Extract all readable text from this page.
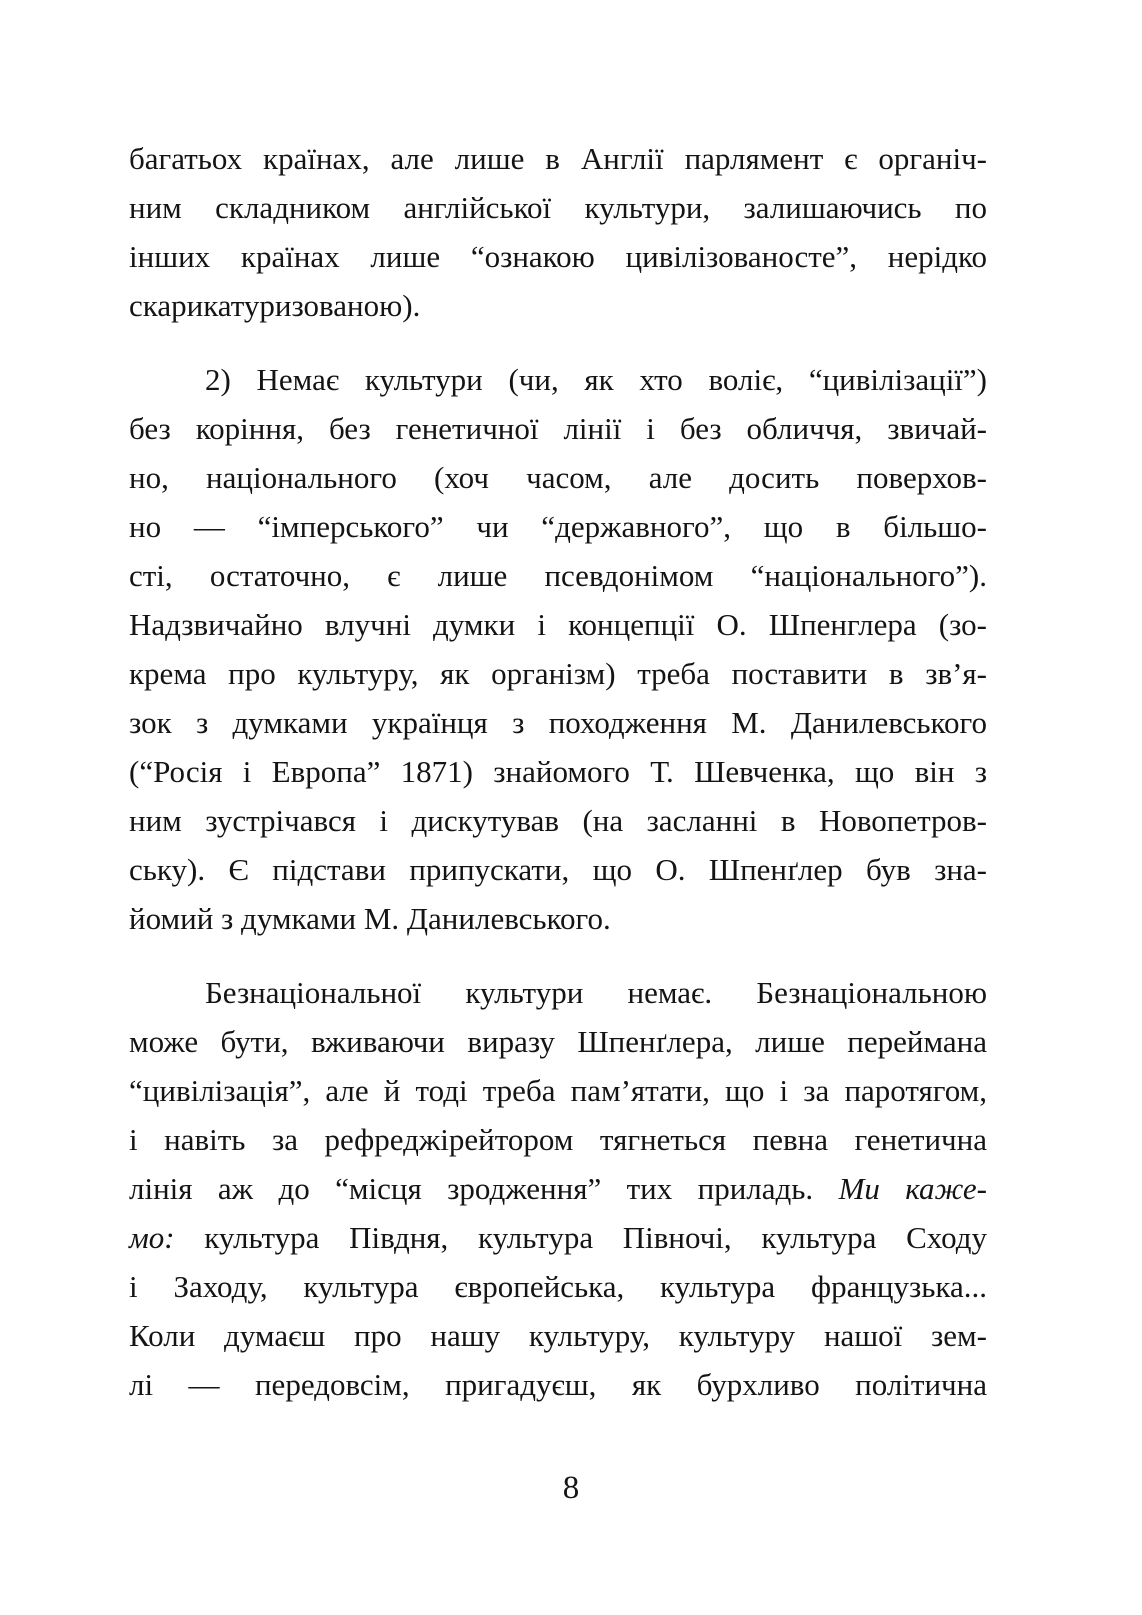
багатьох країнах, але лише в Англії парлямент є органіч-
ним складником англійської культури, залишаючись по
інших країнах лише “ознакою цивілізованосте”, нерідко
скарикатуризованою).
2) Немає культури (чи, як хто воліє, “цивілізації”)
без коріння, без генетичної лінії і без обличчя, звичай-
но, національного (хоч часом, але досить поверхов-
но — “імперського” чи “державного”, що в більшо-
сті, остаточно, є лише псевдонімом “національного”).
Надзвичайно влучні думки і концепції О. Шпенглера (зо-
крема про культуру, як організм) треба поставити в зв’я-
зок з думками українця з походження М. Данилевського
(“Росія і Европа” 1871) знайомого Т. Шевченка, що він з
ним зустрічався і дискутував (на засланні в Новопетров-
ську). Є підстави припускати, що О. Шпенґлер був зна-
йомий з думками М. Данилевського.
Безнаціональної культури немає. Безнаціональною
може бути, вживаючи виразу Шпенґлера, лише переймана
“цивілізація”, але й тоді треба пам’ятати, що і за паротягом,
і навіть за рефреджірейтором тягнеться певна генетична
лінія аж до “місця зродження” тих приладь. Ми каже-
мо: культура Півдня, культура Півночі, культура Сходу
і Заходу, культура європейська, культура французька...
Коли думаєш про нашу культуру, культуру нашої зем-
лі — передовсім, пригадуєш, як бурхливо політична
8
